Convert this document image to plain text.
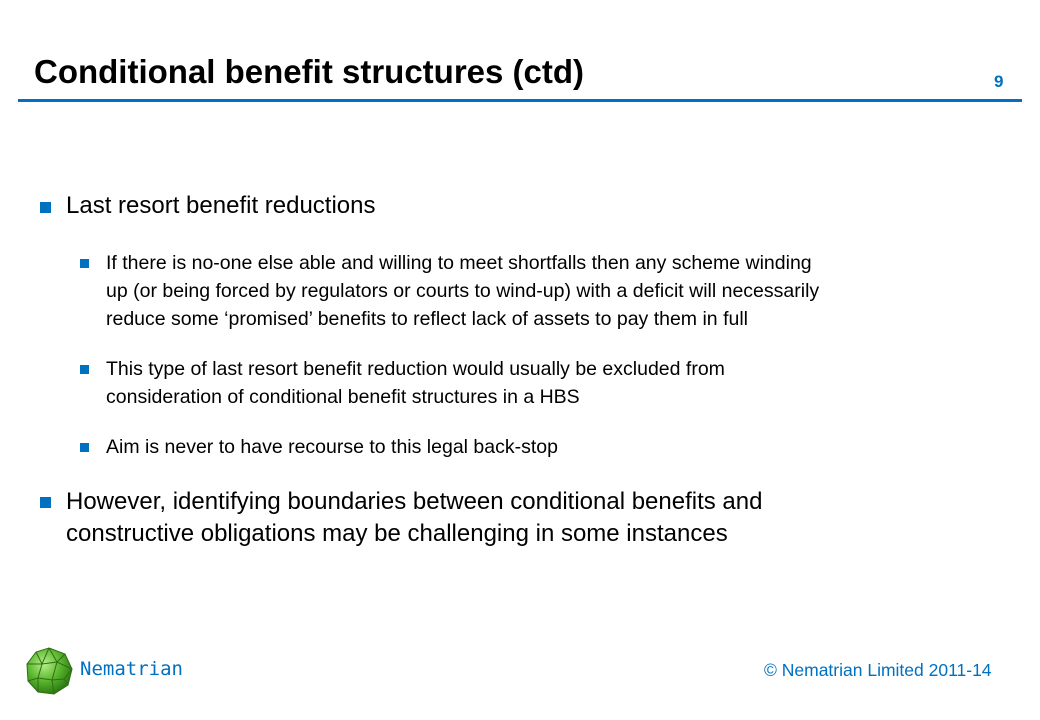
Conditional benefit structures (ctd)	9
Last resort benefit reductions
If there is no-one else able and willing to meet shortfalls then any scheme winding
up (or being forced by regulators or courts to wind-up) with a deficit will necessarily
reduce some ‘promised’ benefits to reflect lack of assets to pay them in full
This type of last resort benefit reduction would usually be excluded from
consideration of conditional benefit structures in a HBS
Aim is never to have recourse to this legal back-stop
However, identifying boundaries between conditional benefits and
constructive obligations may be challenging in some instances
Nematrian	© Nematrian Limited 2011-14
